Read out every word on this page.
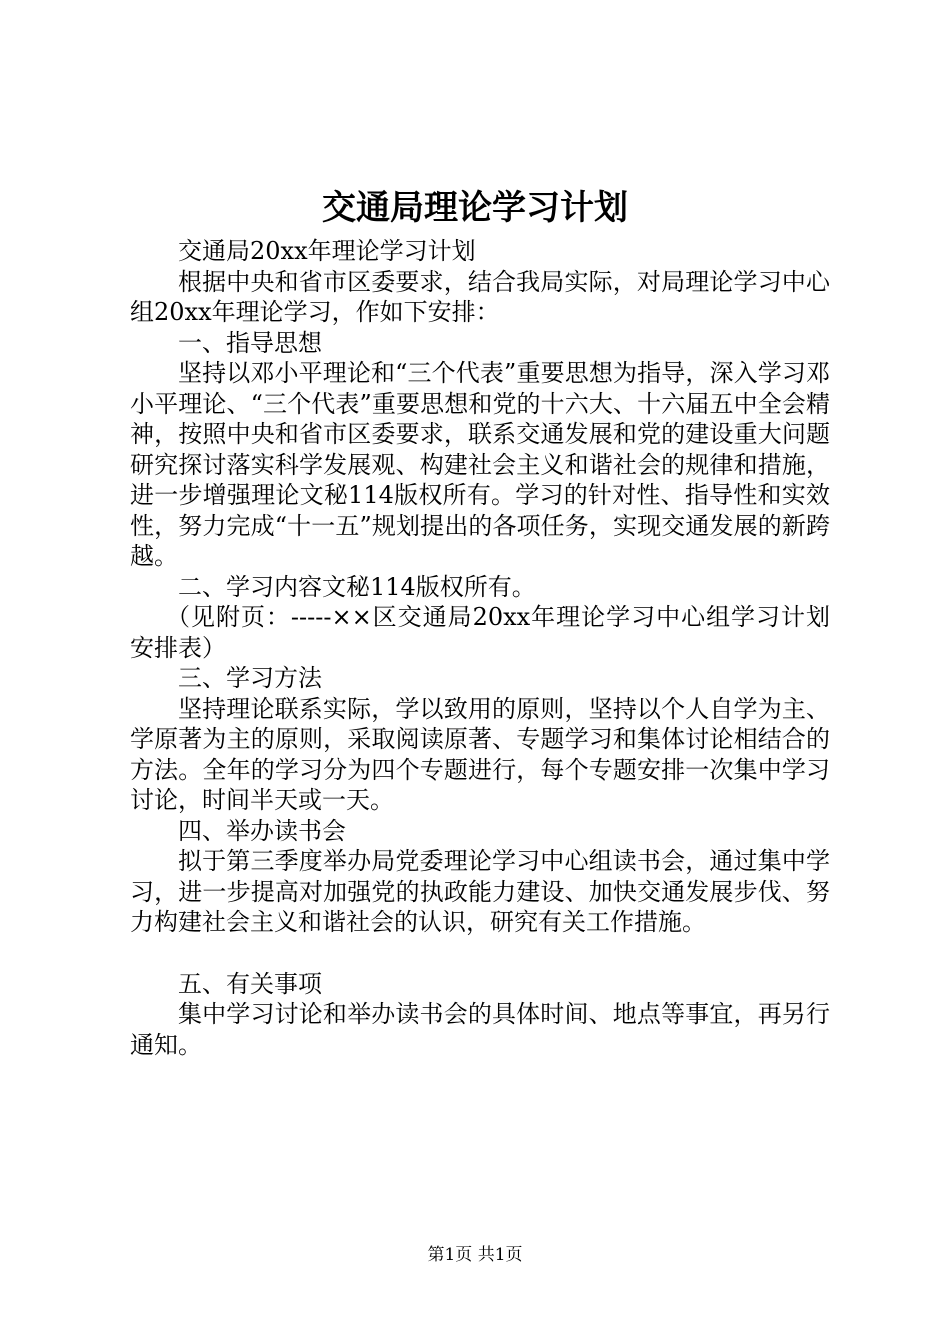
交通局理论学习计划

交通局20xx年理论学习计划

根据中央和省市区委要求，结合我局实际，对局理论学习中心组20xx年理论学习，作如下安排：

一、指导思想

坚持以邓小平理论和“三个代表”重要思想为指导，深入学习邓小平理论、“三个代表”重要思想和党的十六大、十六届五中全会精神，按照中央和省市区委要求，联系交通发展和党的建设重大问题研究探讨落实科学发展观、构建社会主义和谐社会的规律和措施，进一步增强理论文秘114版权所有。学习的针对性、指导性和实效性，努力完成“十一五”规划提出的各项任务，实现交通发展的新跨越。

二、学习内容文秘114版权所有。

（见附页：-----××区交通局20xx年理论学习中心组学习计划安排表）

三、学习方法

坚持理论联系实际，学以致用的原则，坚持以个人自学为主、学原著为主的原则，采取阅读原著、专题学习和集体讨论相结合的方法。全年的学习分为四个专题进行，每个专题安排一次集中学习讨论，时间半天或一天。

四、举办读书会

拟于第三季度举办局党委理论学习中心组读书会，通过集中学习，进一步提高对加强党的执政能力建设、加快交通发展步伐、努力构建社会主义和谐社会的认识，研究有关工作措施。

五、有关事项

集中学习讨论和举办读书会的具体时间、地点等事宜，再另行通知。

第1页 共1页
